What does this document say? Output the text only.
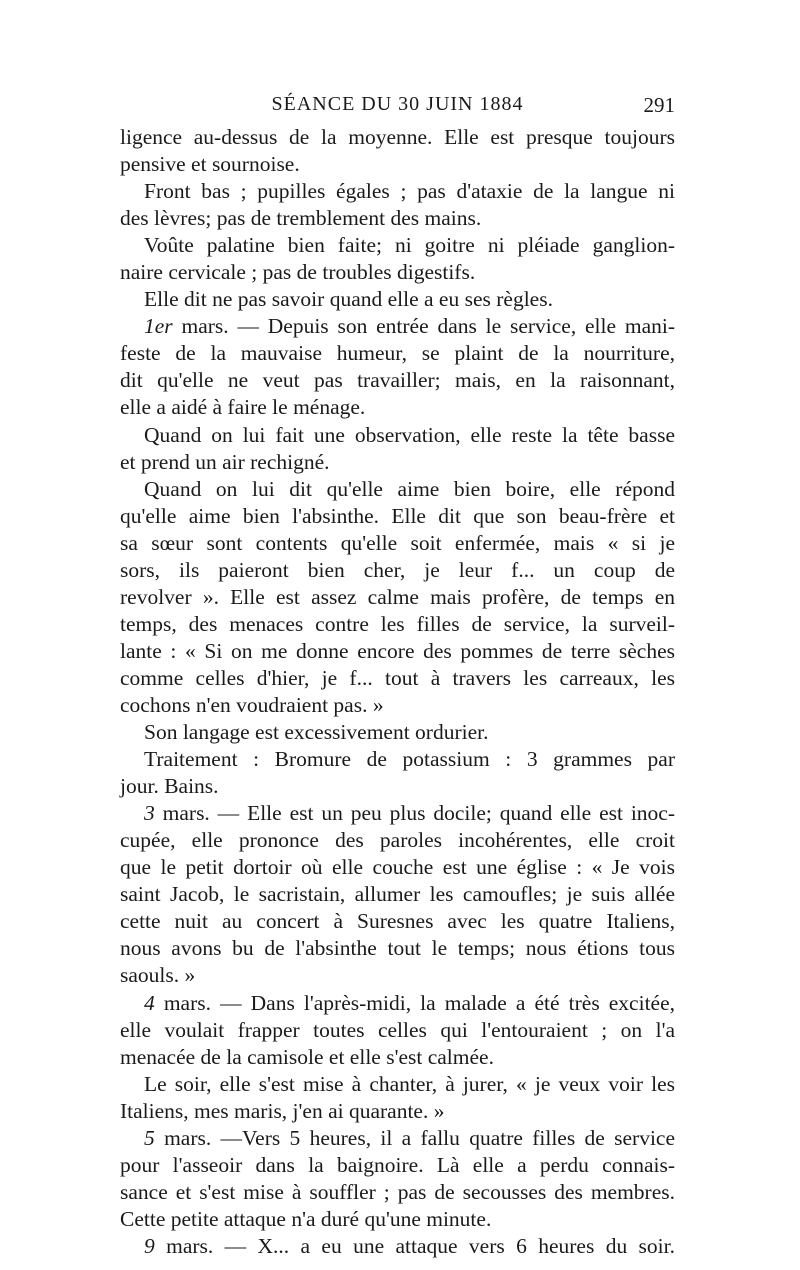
SÉANCE DU 30 JUIN 1884	291
ligence au-dessus de la moyenne. Elle est presque toujours
pensive et sournoise.
Front bas ; pupilles égales ; pas d'ataxie de la langue ni
des lèvres; pas de tremblement des mains.
Voûte palatine bien faite; ni goitre ni pléiade ganglion-
naire cervicale ; pas de troubles digestifs.
Elle dit ne pas savoir quand elle a eu ses règles.
1er mars. — Depuis son entrée dans le service, elle mani-
feste de la mauvaise humeur, se plaint de la nourriture,
dit qu'elle ne veut pas travailler; mais, en la raisonnant,
elle a aidé à faire le ménage.
Quand on lui fait une observation, elle reste la tête basse
et prend un air rechigné.
Quand on lui dit qu'elle aime bien boire, elle répond
qu'elle aime bien l'absinthe. Elle dit que son beau-frère et
sa sœur sont contents qu'elle soit enfermée, mais « si je
sors, ils paieront bien cher, je leur f... un coup de
revolver ». Elle est assez calme mais profère, de temps en
temps, des menaces contre les filles de service, la surveil-
lante : « Si on me donne encore des pommes de terre sèches
comme celles d'hier, je f... tout à travers les carreaux, les
cochons n'en voudraient pas. »
Son langage est excessivement ordurier.
Traitement : Bromure de potassium : 3 grammes par
jour. Bains.
3 mars. — Elle est un peu plus docile; quand elle est inoc-
cupée, elle prononce des paroles incohérentes, elle croit
que le petit dortoir où elle couche est une église : « Je vois
saint Jacob, le sacristain, allumer les camoufles; je suis allée
cette nuit au concert à Suresnes avec les quatre Italiens,
nous avons bu de l'absinthe tout le temps; nous étions tous
saouls. »
4 mars. — Dans l'après-midi, la malade a été très excitée,
elle voulait frapper toutes celles qui l'entouraient ; on l'a
menacée de la camisole et elle s'est calmée.
Le soir, elle s'est mise à chanter, à jurer, « je veux voir les
Italiens, mes maris, j'en ai quarante. »
5 mars. —Vers 5 heures, il a fallu quatre filles de service
pour l'asseoir dans la baignoire. Là elle a perdu connais-
sance et s'est mise à souffler ; pas de secousses des membres.
Cette petite attaque n'a duré qu'une minute.
9 mars. — X... a eu une attaque vers 6 heures du soir.
